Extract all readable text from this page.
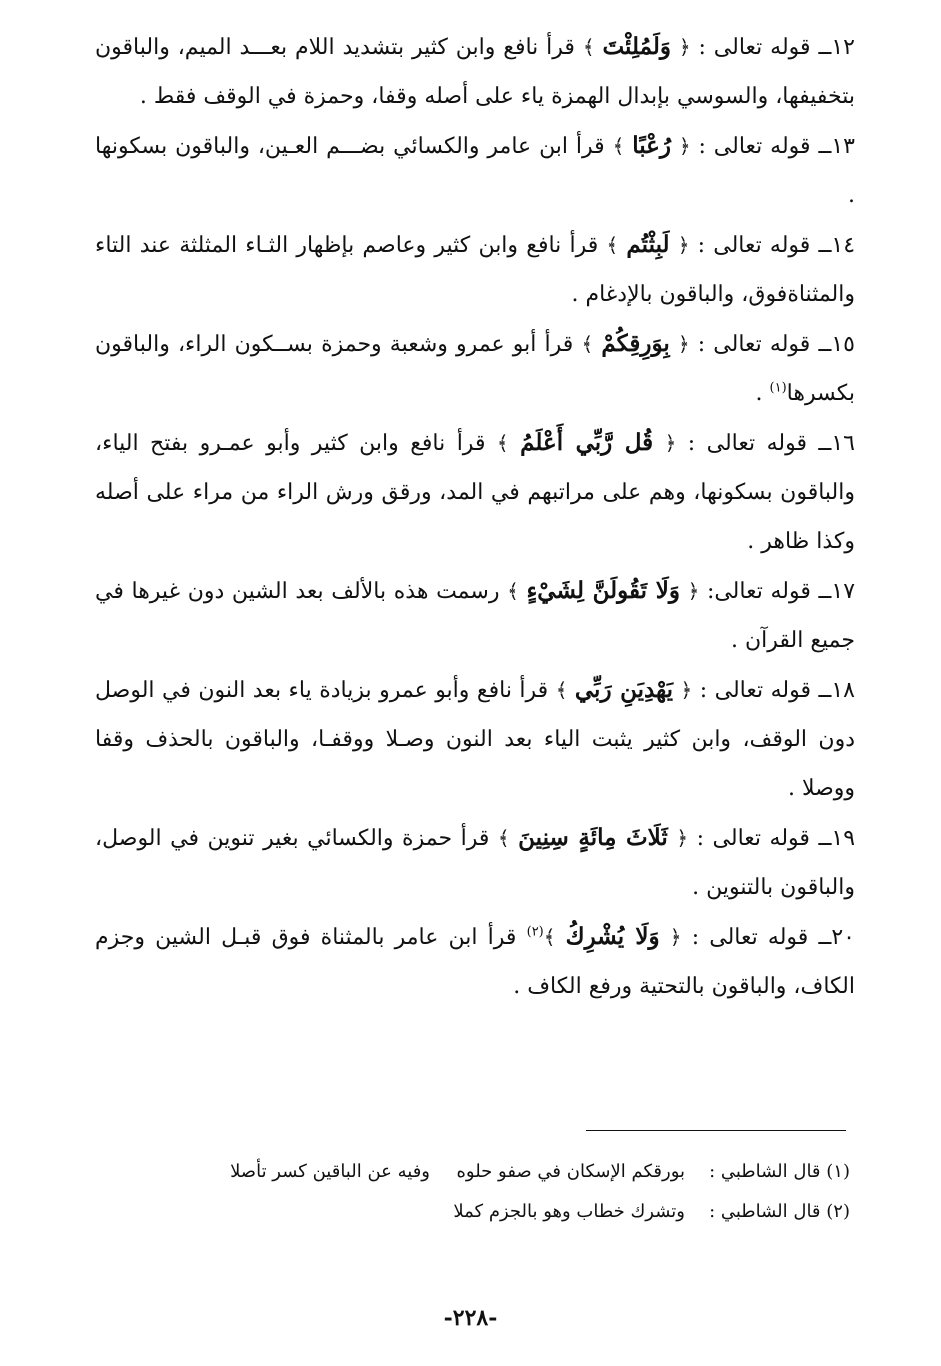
١٢ــ قوله تعالى : ﴿ وَلَمُلِئْتَ ﴾ قرأ نافع وابن كثير بتشديد اللام بعـــد الميم، والباقون بتخفيفها، والسوسي بإبدال الهمزة ياء على أصله وقفا، وحمزة في الوقف فقط .

١٣ــ قوله تعالى : ﴿ رُعْبًا ﴾ قرأ ابن عامر والكسائي بضـــم العـين، والباقون بسكونها .

١٤ــ قوله تعالى : ﴿ لَبِثْتُم ﴾ قرأ نافع وابن كثير وعاصم بإظهار الثـاء المثلثة عند التاء والمثناةفوق، والباقون بالإدغام .

١٥ــ قوله تعالى : ﴿ بِوَرِقِكُمْ ﴾ قرأ أبو عمرو وشعبة وحمزة بســكون الراء، والباقون بكسرها$^{(١)}$ .

١٦ــ قوله تعالى : ﴿ قُل رَّبِّي أَعْلَمُ ﴾ قرأ نافع وابن كثير وأبو عمـرو بفتح الياء، والباقون بسكونها، وهم على مراتبهم في المد، ورقق ورش الراء من مراء على أصله وكذا ظاهر .

١٧ــ قوله تعالى: ﴿ وَلَا تَقُولَنَّ لِشَيْءٍ ﴾ رسمت هذه بالألف بعد الشين دون غيرها في جميع القرآن .

١٨ــ قوله تعالى : ﴿ يَهْدِيَنِ رَبِّي ﴾ قرأ نافع وأبو عمرو بزيادة ياء بعد النون في الوصل دون الوقف، وابن كثير يثبت الياء بعد النون وصـلا ووقفـا، والباقون بالحذف وقفا ووصلا .

١٩ــ قوله تعالى : ﴿ ثَلَاثَ مِائَةٍ سِنِينَ ﴾ قرأ حمزة والكسائي بغير تنوين في الوصل، والباقون بالتنوين .

٢٠ــ قوله تعالى : ﴿ وَلَا يُشْرِكُ ﴾$^{(٢)}$ قرأ ابن عامر بالمثناة فوق قبـل الشين وجزم الكاف، والباقون بالتحتية ورفع الكاف .

(١) قال الشاطبي :
بورقكم الإسكان في صفو حلوه
وفيه عن الباقين كسر تأصلا
(٢) قال الشاطبي :
وتشرك خطاب وهو بالجزم كملا
-٢٢٨-
